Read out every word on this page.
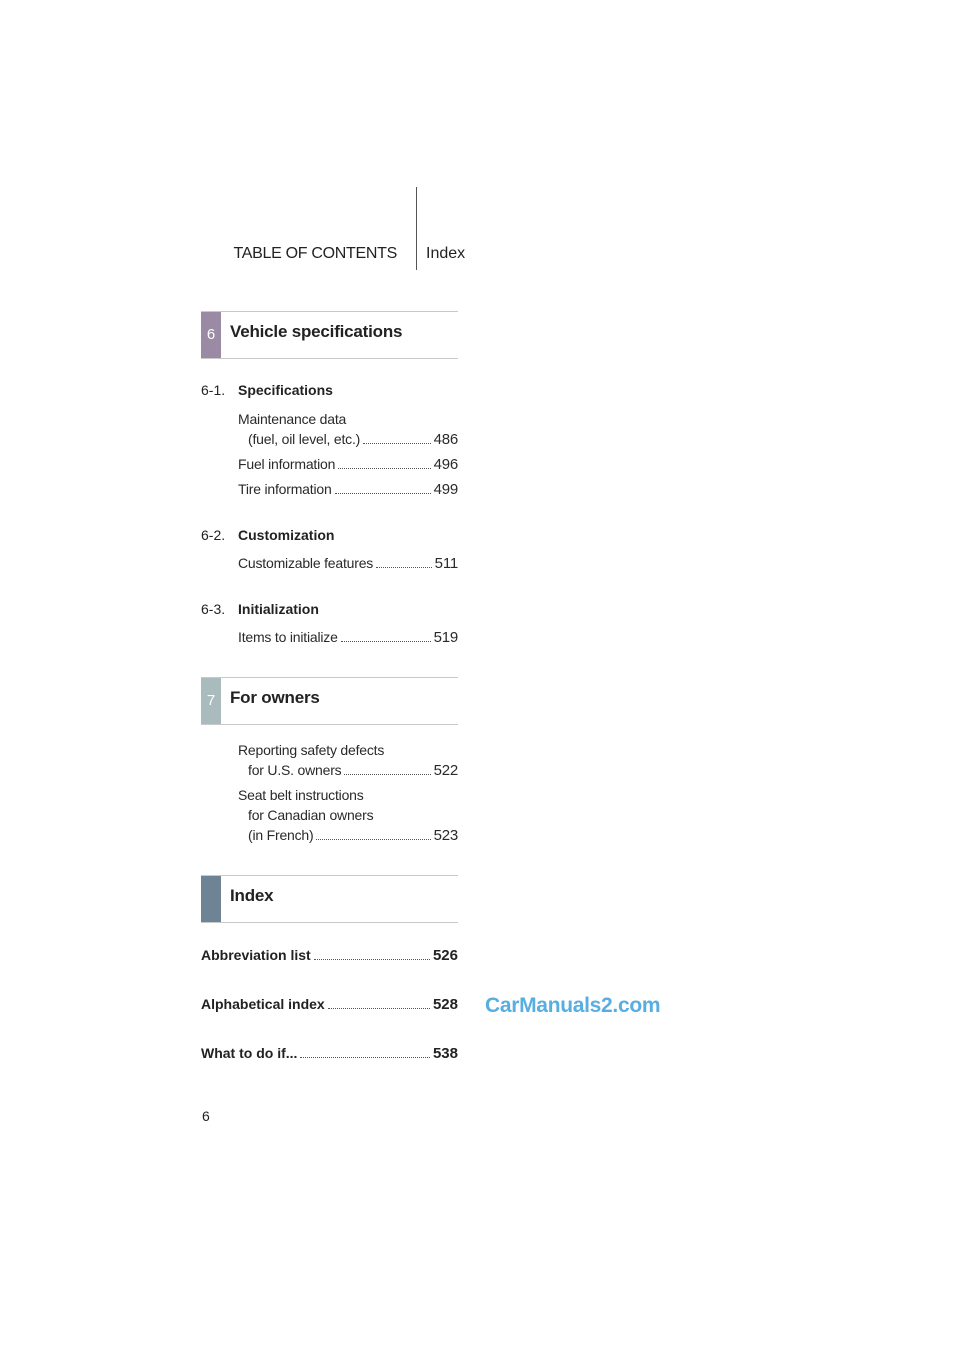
TABLE OF CONTENTS Index
6 Vehicle specifications
6-1. Specifications
Maintenance data
(fuel, oil level, etc.)	486
Fuel information	496
Tire information	499
6-2. Customization
Customizable features	511
6-3. Initialization
Items to initialize	519
7 For owners
Reporting safety defects
for U.S. owners	522
Seat belt instructions
for Canadian owners
(in French)	523
Index
Abbreviation list	526
Alphabetical index	528
What to do if...	538
CarManuals2.com
6
